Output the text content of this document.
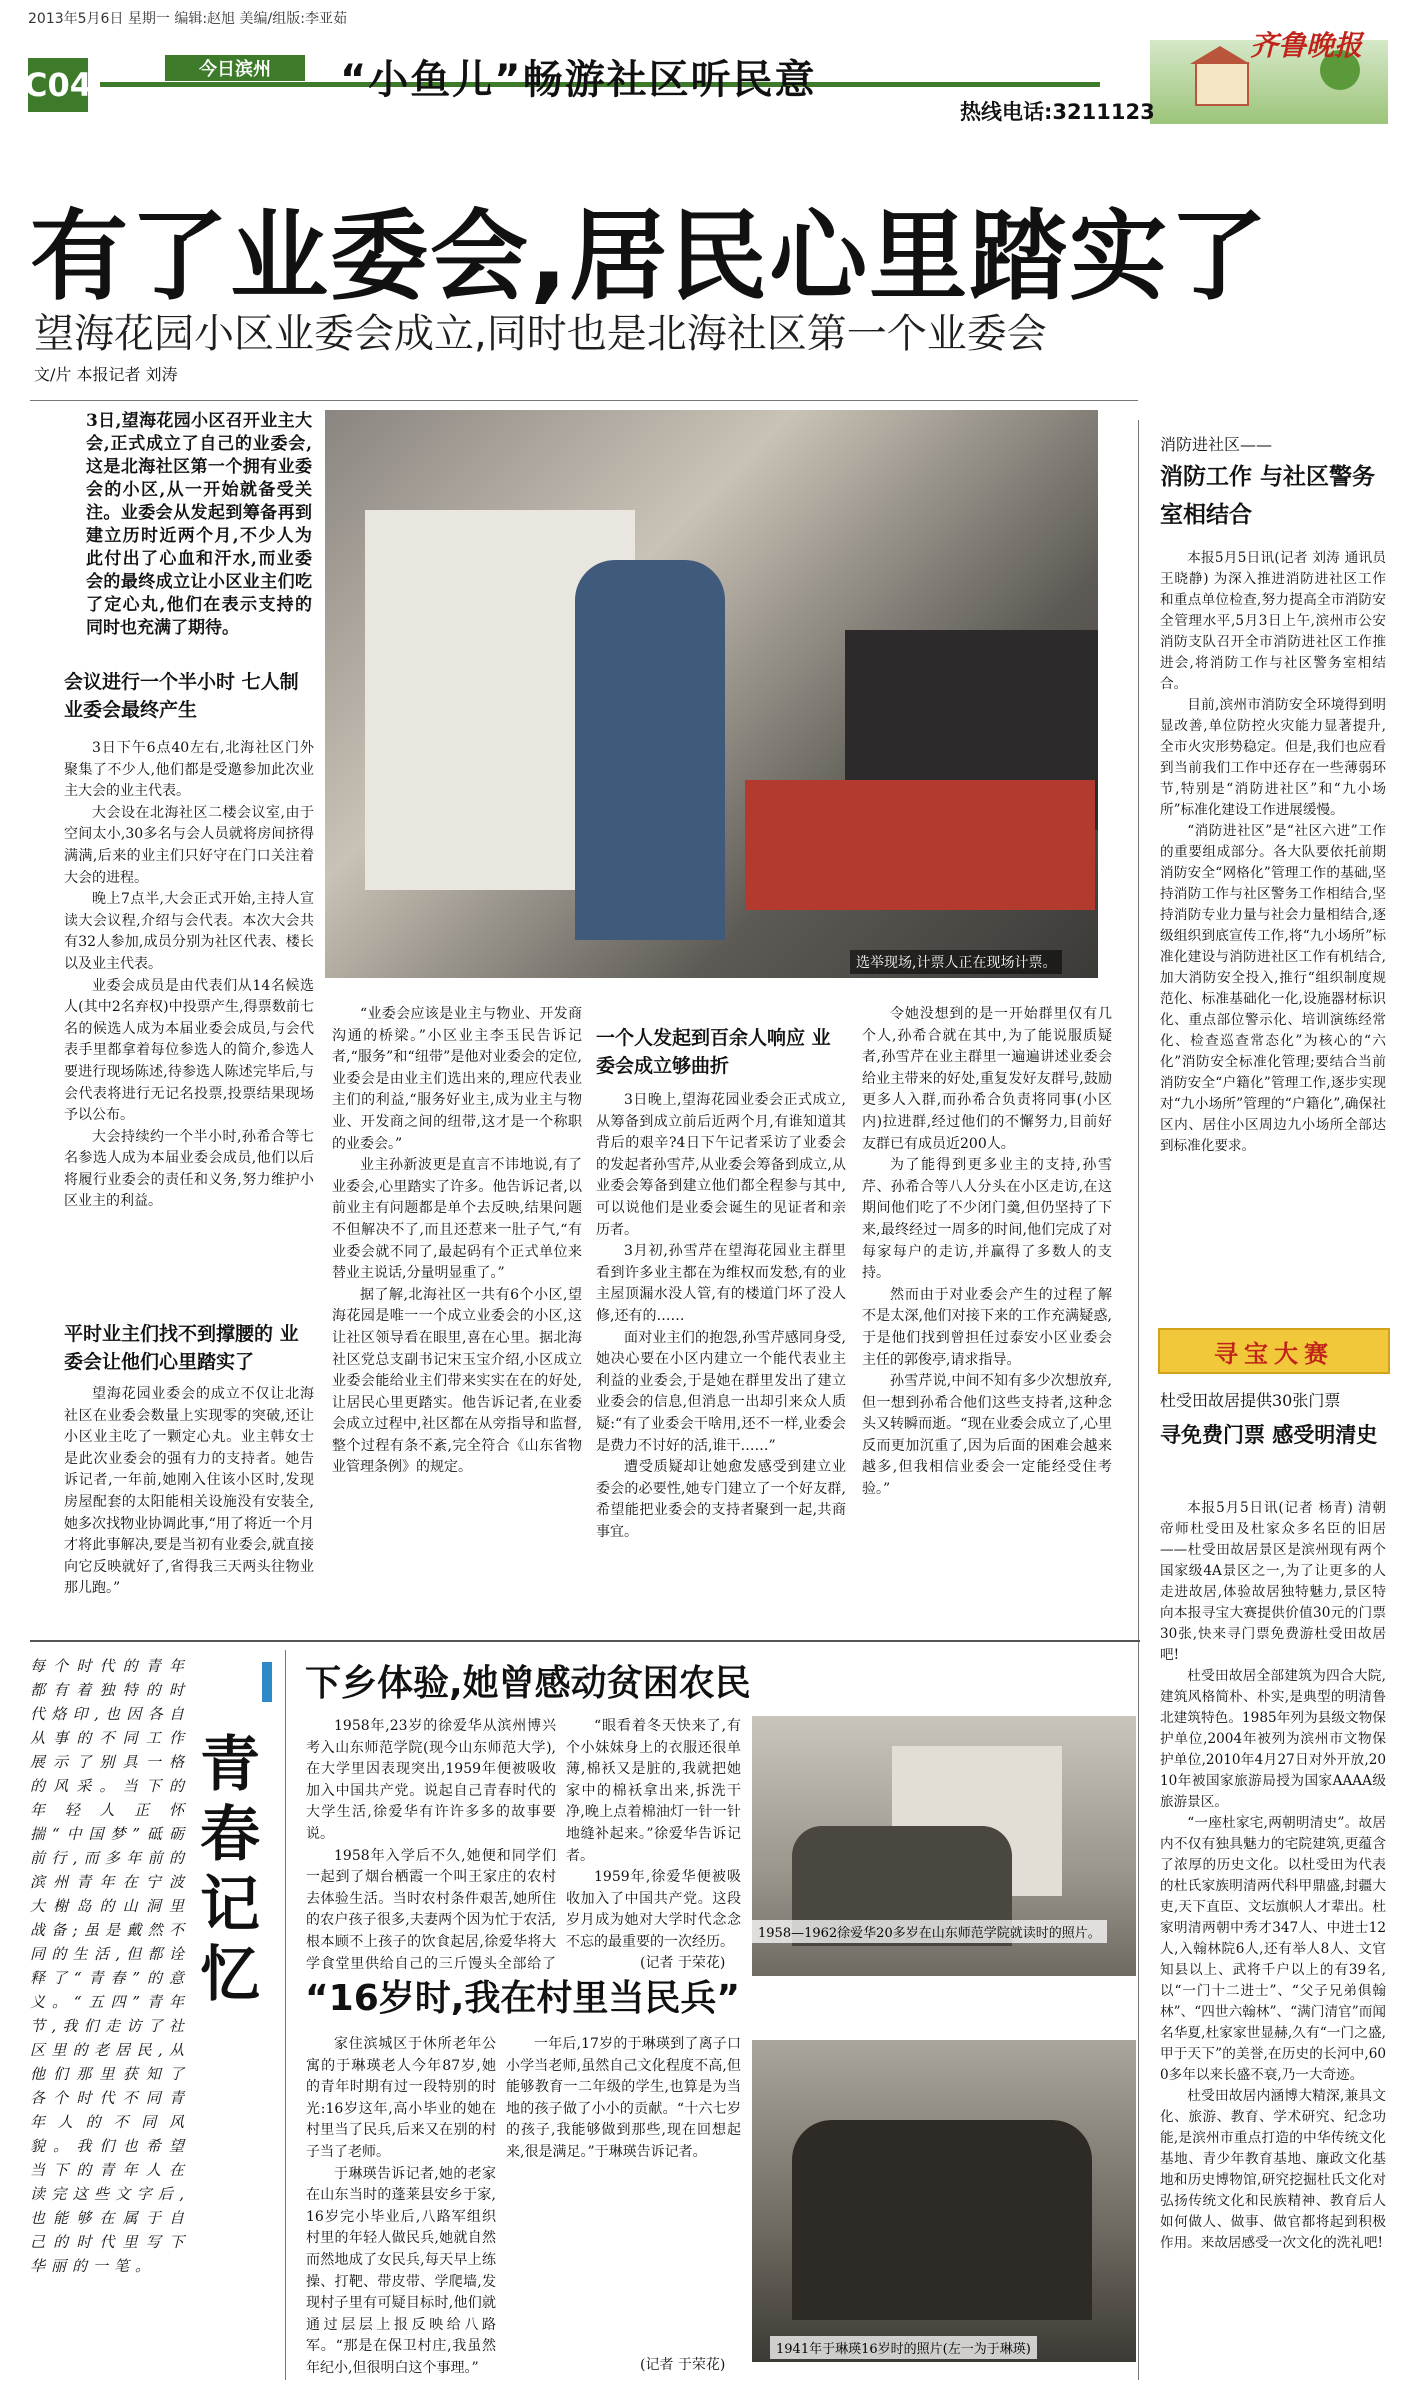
2013年5月6日 星期一 编辑:赵旭 美编/组版:李亚茹
C04	今日滨州	“小鱼儿”畅游社区听民意
齐鲁晚报
热线电话:3211123
有了业委会,居民心里踏实了
望海花园小区业委会成立,同时也是北海社区第一个业委会
文/片 本报记者 刘涛
3日,望海花园小区召开业主大会,正式成立了自己的业委会,这是北海社区第一个拥有业委会的小区,从一开始就备受关注。业委会从发起到筹备再到建立历时近两个月,不少人为此付出了心血和汗水,而业委会的最终成立让小区业主们吃了定心丸,他们在表示支持的同时也充满了期待。
选举现场,计票人正在现场计票。
会议进行一个半小时 七人制业委会最终产生

3日下午6点40左右,北海社区门外聚集了不少人,他们都是受邀参加此次业主大会的业主代表。

大会设在北海社区二楼会议室,由于空间太小,30多名与会人员就将房间挤得满满,后来的业主们只好守在门口关注着大会的进程。

晚上7点半,大会正式开始,主持人宣读大会议程,介绍与会代表。本次大会共有32人参加,成员分别为社区代表、楼长以及业主代表。

业委会成员是由代表们从14名候选人(其中2名弃权)中投票产生,得票数前七名的候选人成为本届业委会成员,与会代表手里都拿着每位参选人的简介,参选人要进行现场陈述,待参选人陈述完毕后,与会代表将进行无记名投票,投票结果现场予以公布。

大会持续约一个半小时,孙希合等七名参选人成为本届业委会成员,他们以后将履行业委会的责任和义务,努力维护小区业主的利益。

平时业主们找不到撑腰的 业委会让他们心里踏实了

望海花园业委会的成立不仅让北海社区在业委会数量上实现零的突破,还让小区业主吃了一颗定心丸。业主韩女士是此次业委会的强有力的支持者。她告诉记者,一年前,她刚入住该小区时,发现房屋配套的太阳能相关设施没有安装全,她多次找物业协调此事,“用了将近一个月才将此事解决,要是当初有业委会,就直接向它反映就好了,省得我三天两头往物业那儿跑。”

“业委会应该是业主与物业、开发商沟通的桥梁。”小区业主李玉民告诉记者,“服务”和“纽带”是他对业委会的定位,业委会是由业主们选出来的,理应代表业主们的利益,“服务好业主,成为业主与物业、开发商之间的纽带,这才是一个称职的业委会。”

业主孙新波更是直言不讳地说,有了业委会,心里踏实了许多。他告诉记者,以前业主有问题都是单个去反映,结果问题不但解决不了,而且还惹来一肚子气,“有业委会就不同了,最起码有个正式单位来替业主说话,分量明显重了。”

据了解,北海社区一共有6个小区,望海花园是唯一一个成立业委会的小区,这让社区领导看在眼里,喜在心里。据北海社区党总支副书记宋玉宝介绍,小区成立业委会能给业主们带来实实在在的好处,让居民心里更踏实。他告诉记者,在业委会成立过程中,社区都在从旁指导和监督,整个过程有条不紊,完全符合《山东省物业管理条例》的规定。

一个人发起到百余人响应 业委会成立够曲折

3日晚上,望海花园业委会正式成立,从筹备到成立前后近两个月,有谁知道其背后的艰辛?4日下午记者采访了业委会的发起者孙雪芹,从业委会筹备到成立,从业委会筹备到建立他们都全程参与其中,可以说他们是业委会诞生的见证者和亲历者。

3月初,孙雪芹在望海花园业主群里看到许多业主都在为维权而发愁,有的业主屋顶漏水没人管,有的楼道门坏了没人修,还有的……

面对业主们的抱怨,孙雪芹感同身受,她决心要在小区内建立一个能代表业主利益的业委会,于是她在群里发出了建立业委会的信息,但消息一出却引来众人质疑:“有了业委会干啥用,还不一样,业委会是费力不讨好的活,谁干……”

遭受质疑却让她愈发感受到建立业委会的必要性,她专门建立了一个好友群,希望能把业委会的支持者聚到一起,共商事宜。

令她没想到的是一开始群里仅有几个人,孙希合就在其中,为了能说服质疑者,孙雪芹在业主群里一遍遍讲述业委会给业主带来的好处,重复发好友群号,鼓励更多人入群,而孙希合负责将同事(小区内)拉进群,经过他们的不懈努力,目前好友群已有成员近200人。

为了能得到更多业主的支持,孙雪芹、孙希合等八人分头在小区走访,在这期间他们吃了不少闭门羹,但仍坚持了下来,最终经过一周多的时间,他们完成了对每家每户的走访,并赢得了多数人的支持。

然而由于对业委会产生的过程了解不是太深,他们对接下来的工作充满疑惑,于是他们找到曾担任过泰安小区业委会主任的郭俊亭,请求指导。

孙雪芹说,中间不知有多少次想放弃,但一想到孙希合他们这些支持者,这种念头又转瞬而逝。“现在业委会成立了,心里反而更加沉重了,因为后面的困难会越来越多,但我相信业委会一定能经受住考验。”

消防进社区——
消防工作 与社区警务室相结合

本报5月5日讯(记者 刘涛 通讯员 王晓静) 为深入推进消防进社区工作和重点单位检查,努力提高全市消防安全管理水平,5月3日上午,滨州市公安消防支队召开全市消防进社区工作推进会,将消防工作与社区警务室相结合。

目前,滨州市消防安全环境得到明显改善,单位防控火灾能力显著提升,全市火灾形势稳定。但是,我们也应看到当前我们工作中还存在一些薄弱环节,特别是“消防进社区”和“九小场所”标准化建设工作进展缓慢。

“消防进社区”是“社区六进”工作的重要组成部分。各大队要依托前期消防安全“网格化”管理工作的基础,坚持消防工作与社区警务工作相结合,坚持消防专业力量与社会力量相结合,逐级组织到底宣传工作,将“九小场所”标准化建设与消防进社区工作有机结合,加大消防安全投入,推行“组织制度规范化、标准基础化一化,设施器材标识化、重点部位警示化、培训演练经常化、检查巡查常态化”为核心的“六化”消防安全标准化管理;要结合当前消防安全“户籍化”管理工作,逐步实现对“九小场所”管理的“户籍化”,确保社区内、居住小区周边九小场所全部达到标准化要求。

寻宝大赛
杜受田故居提供30张门票
寻免费门票 感受明清史

本报5月5日讯(记者 杨青) 清朝帝师杜受田及杜家众多名臣的旧居——杜受田故居景区是滨州现有两个国家级4A景区之一,为了让更多的人走进故居,体验故居独特魅力,景区特向本报寻宝大赛提供价值30元的门票30张,快来寻门票免费游杜受田故居吧!

杜受田故居全部建筑为四合大院,建筑风格简朴、朴实,是典型的明清鲁北建筑特色。1985年列为县级文物保护单位,2004年被列为滨州市文物保护单位,2010年4月27日对外开放,2010年被国家旅游局授为国家AAAA级旅游景区。

“一座杜家宅,两朝明清史”。故居内不仅有独具魅力的宅院建筑,更蕴含了浓厚的历史文化。以杜受田为代表的杜氏家族明清两代科甲鼎盛,封疆大吏,天下直臣、文坛旗帜人才辈出。杜家明清两朝中秀才347人、中进士12人,入翰林院6人,还有举人8人、文官知县以上、武将千户以上的有39名,以“一门十二进士”、“父子兄弟俱翰林”、“四世六翰林”、“满门清官”而闻名华夏,杜家家世显赫,久有“一门之盛,甲于天下”的美誉,在历史的长河中,600多年以来长盛不衰,乃一大奇迹。

杜受田故居内涵博大精深,兼具文化、旅游、教育、学术研究、纪念功能,是滨州市重点打造的中华传统文化基地、青少年教育基地、廉政文化基地和历史博物馆,研究挖掘杜氏文化对弘扬传统文化和民族精神、教育后人如何做人、做事、做官都将起到积极作用。来故居感受一次文化的洗礼吧!

每个时代的青年都有着独特的时代烙印,也因各自从事的不同工作展示了别具一格的风采。当下的年轻人正怀揣“中国梦”砥砺前行,而多年前的滨州青年在宁波大榭岛的山洞里战备;虽是戴然不同的生活,但都诠释了“青春”的意义。“五四”青年节,我们走访了社区里的老居民,从他们那里获知了各个时代不同青年人的不同风貌。我们也希望当下的青年人在读完这些文字后,也能够在属于自己的时代里写下华丽的一笔。
青春记忆
下乡体验,她曾感动贫困农民

1958年,23岁的徐爱华从滨州博兴考入山东师范学院(现今山东师范大学),在大学里因表现突出,1959年便被吸收加入中国共产党。说起自己青春时代的大学生活,徐爱华有许许多多的故事要说。

1958年入学后不久,她便和同学们一起到了烟台栖霞一个叫王家庄的农村去体验生活。当时农村条件艰苦,她所住的农户孩子很多,夫妻两个因为忙于农活,根本顾不上孩子的饮食起居,徐爱华将大学食堂里供给自己的三斤馒头全部给了

“眼看着冬天快来了,有个小妹妹身上的衣服还很单薄,棉袄又是脏的,我就把她家中的棉袄拿出来,拆洗干净,晚上点着棉油灯一针一针地缝补起来。”徐爱华告诉记者。

1959年,徐爱华便被吸收加入了中国共产党。这段岁月成为她对大学时代念念不忘的最重要的一次经历。

(记者 于荣花)
1958—1962徐爱华20多岁在山东师范学院就读时的照片。
“16岁时,我在村里当民兵”

家住滨城区于休所老年公寓的于琳瑛老人今年87岁,她的青年时期有过一段特别的时光:16岁这年,高小毕业的她在村里当了民兵,后来又在别的村子当了老师。

于琳瑛告诉记者,她的老家在山东当时的蓬莱县安乡于家,16岁完小毕业后,八路军组织村里的年轻人做民兵,她就自然而然地成了女民兵,每天早上练操、打靶、带皮带、学爬墙,发现村子里有可疑目标时,他们就通过层层上报反映给八路军。“那是在保卫村庄,我虽然年纪小,但很明白这个事理。”

一年后,17岁的于琳瑛到了离子口小学当老师,虽然自己文化程度不高,但能够教育一二年级的学生,也算是为当地的孩子做了小小的贡献。“十六七岁的孩子,我能够做到那些,现在回想起来,很是满足。”于琳瑛告诉记者。

(记者 于荣花)
1941年于琳瑛16岁时的照片(左一为于琳瑛)
